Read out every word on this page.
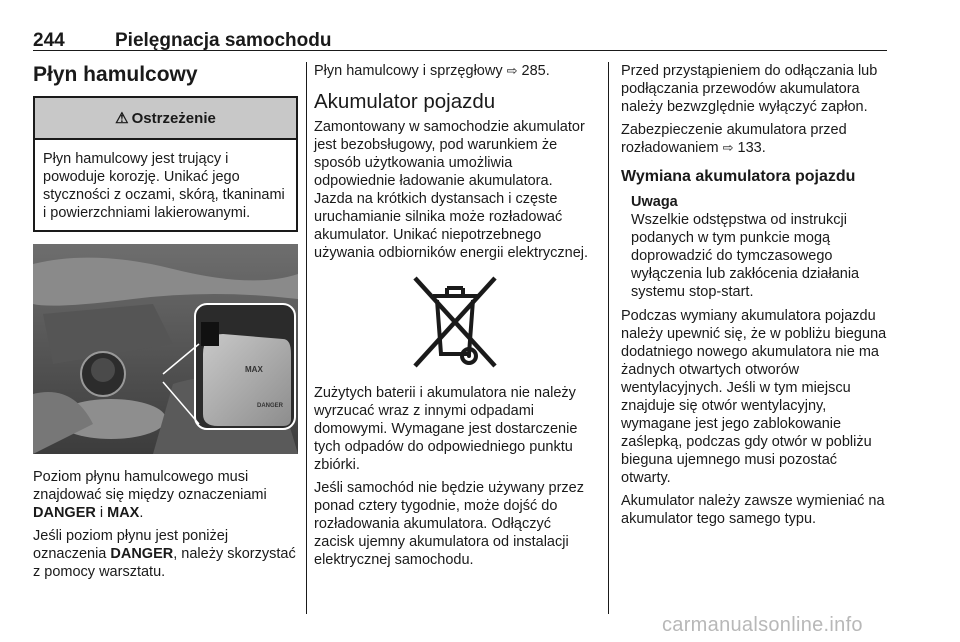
244	Pielęgnacja samochodu
Płyn hamulcowy
⚠ Ostrzeżenie

Płyn hamulcowy jest trujący i powoduje korozję. Unikać jego styczności z oczami, skórą, tkaninami i powierzchniami lakierowanymi.

MAX
DANGER

Poziom płynu hamulcowego musi znajdować się między oznaczeniami DANGER i MAX.

Jeśli poziom płynu jest poniżej oznaczenia DANGER, należy skorzystać z pomocy warsztatu.

Płyn hamulcowy i sprzęgłowy ⇨ 285.

Akumulator pojazdu

Zamontowany w samochodzie akumulator jest bezobsługowy, pod warunkiem że sposób użytkowania umożliwia odpowiednie ładowanie akumulatora. Jazda na krótkich dystansach i częste uruchamianie silnika może rozładować akumulator. Unikać niepotrzebnego używania odbiorników energii elektrycznej.

Zużytych baterii i akumulatora nie należy wyrzucać wraz z innymi odpadami domowymi. Wymagane jest dostarczenie tych odpadów do odpowiedniego punktu zbiórki.

Jeśli samochód nie będzie używany przez ponad cztery tygodnie, może dojść do rozładowania akumulatora. Odłączyć zacisk ujemny akumulatora od instalacji elektrycznej samochodu.

Przed przystąpieniem do odłączania lub podłączania przewodów akumulatora należy bezwzględnie wyłączyć zapłon.

Zabezpieczenie akumulatora przed rozładowaniem ⇨ 133.

Wymiana akumulatora pojazdu
Uwaga

Wszelkie odstępstwa od instrukcji podanych w tym punkcie mogą doprowadzić do tymczasowego wyłączenia lub zakłócenia działania systemu stop-start.

Podczas wymiany akumulatora pojazdu należy upewnić się, że w pobliżu bieguna dodatniego nowego akumulatora nie ma żadnych otwartych otworów wentylacyjnych. Jeśli w tym miejscu znajduje się otwór wentylacyjny, wymagane jest jego zablokowanie zaślepką, podczas gdy otwór w pobliżu bieguna ujemnego musi pozostać otwarty.

Akumulator należy zawsze wymieniać na akumulator tego samego typu.

carmanualsonline.info
